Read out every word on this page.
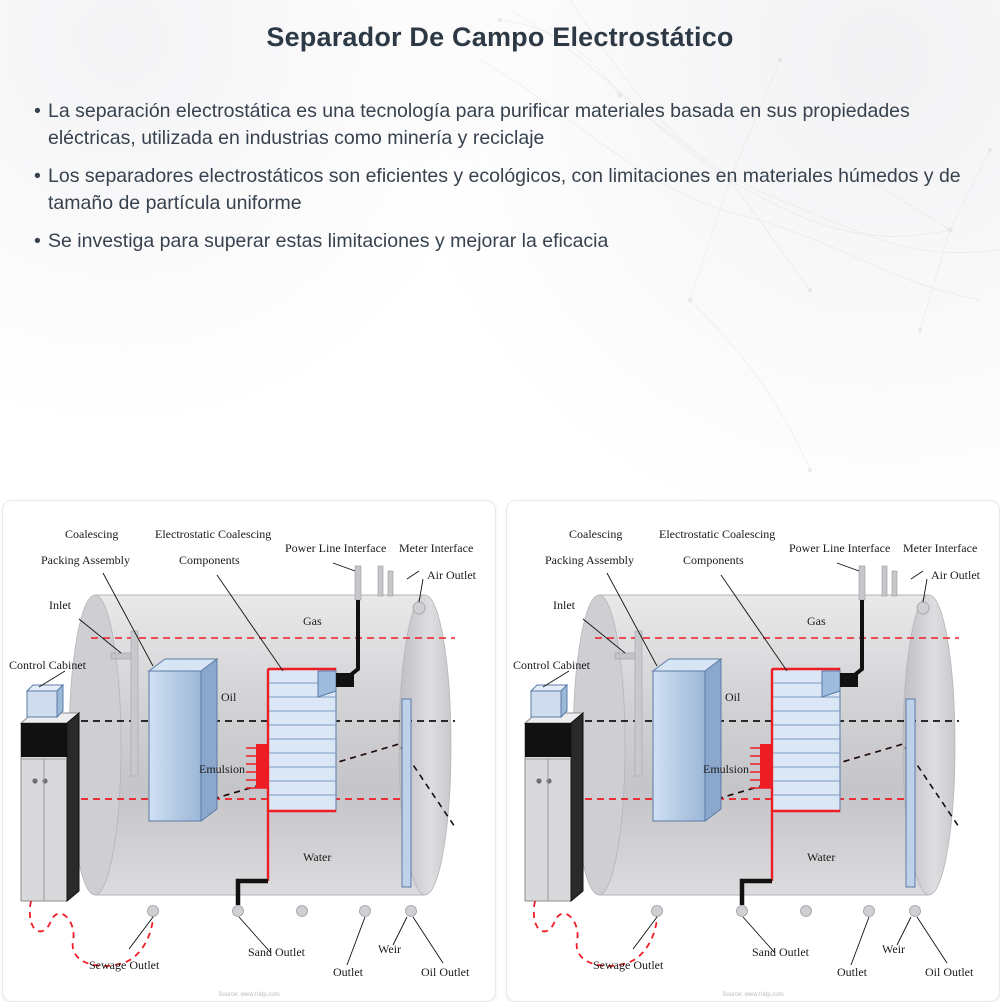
Separador De Campo Electrostático
• La separación electrostática es una tecnología para purificar materiales basada en sus propiedades eléctricas, utilizada en industrias como minería y reciclaje
• Los separadores electrostáticos son eficientes y ecológicos, con limitaciones en materiales húmedos y de tamaño de partícula uniforme
• Se investiga para superar estas limitaciones y mejorar la eficacia
Coalescing
Packing Assembly
Electrostatic Coalescing
Components
Power Line Interface Meter Interface
Air Outlet
Inlet
Control Cabinet
Gas
Oil
Emulsion
Water
Sewage Outlet
Sand Outlet
Outlet
Weir
Oil Outlet
Source: www.tridp.com
Coalescing
Packing Assembly
Electrostatic Coalescing
Components
Power Line Interface Meter Interface
Air Outlet
Inlet
Control Cabinet
Gas
Oil
Emulsion
Water
Sewage Outlet
Sand Outlet
Outlet
Weir
Oil Outlet
Source: www.tridp.com
